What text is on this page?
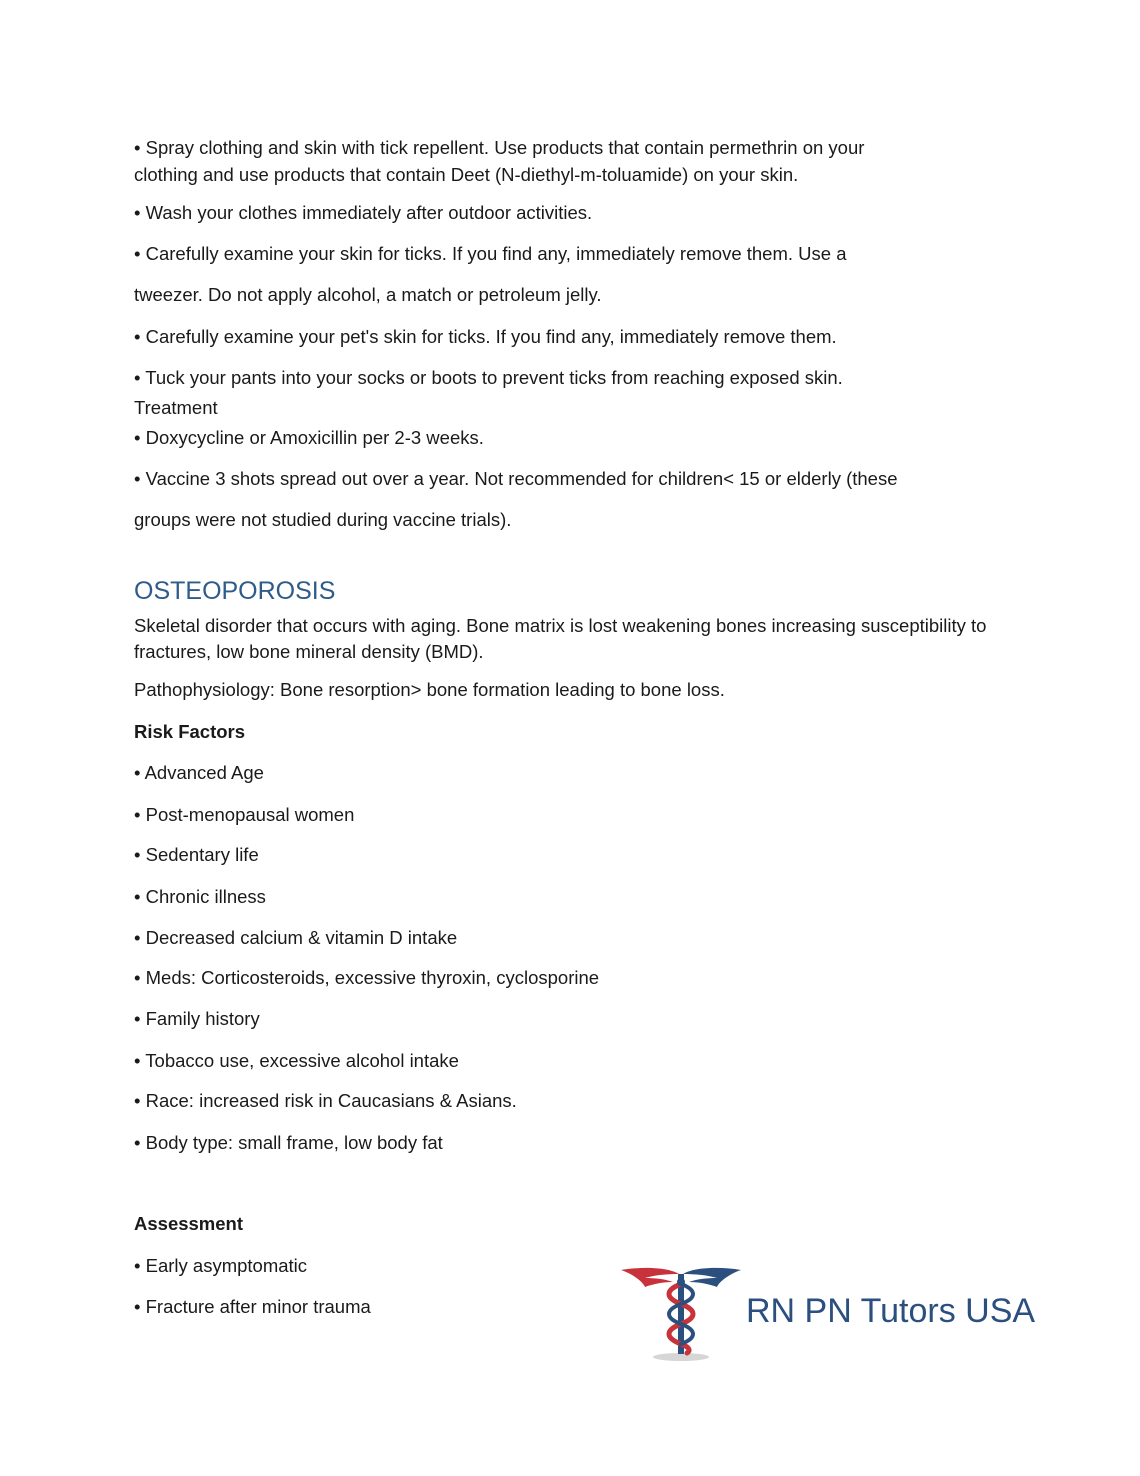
• Spray clothing and skin with tick repellent. Use products that contain permethrin on your
clothing and use products that contain Deet (N-diethyl-m-toluamide) on your skin.
• Wash your clothes immediately after outdoor activities.
• Carefully examine your skin for ticks. If you find any, immediately remove them. Use a
tweezer. Do not apply alcohol, a match or petroleum jelly.
• Carefully examine your pet's skin for ticks. If you find any, immediately remove them.
• Tuck your pants into your socks or boots to prevent ticks from reaching exposed skin.
Treatment
• Doxycycline or Amoxicillin per 2-3 weeks.
• Vaccine 3 shots spread out over a year. Not recommended for children< 15 or elderly (these
groups were not studied during vaccine trials).
OSTEOPOROSIS
Skeletal disorder that occurs with aging. Bone matrix is lost weakening bones increasing susceptibility to
fractures, low bone mineral density (BMD).
Pathophysiology: Bone resorption> bone formation leading to bone loss.
Risk Factors
• Advanced Age
• Post-menopausal women
• Sedentary life
• Chronic illness
• Decreased calcium & vitamin D intake
• Meds: Corticosteroids, excessive thyroxin, cyclosporine
• Family history
• Tobacco use, excessive alcohol intake
• Race: increased risk in Caucasians & Asians.
• Body type: small frame, low body fat
Assessment
• Early asymptomatic
• Fracture after minor trauma	RN PN Tutors USA
